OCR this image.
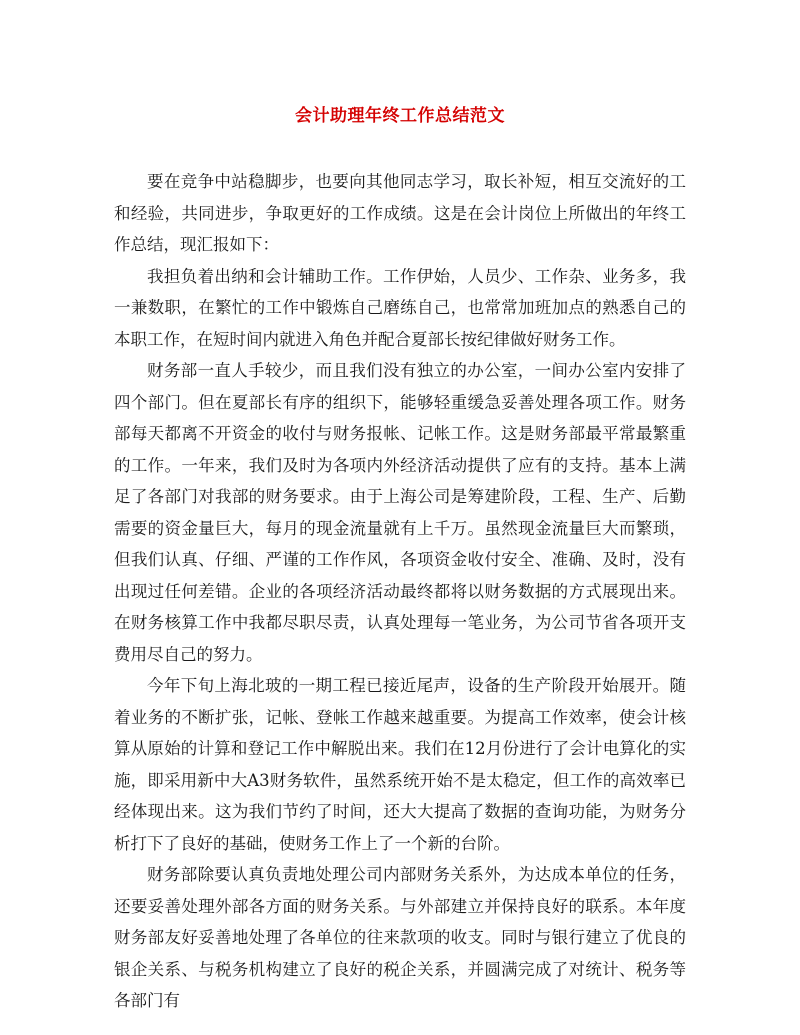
会计助理年终工作总结范文

要在竞争中站稳脚步，也要向其他同志学习，取长补短，相互交流好的工和经验，共同进步，争取更好的工作成绩。这是在会计岗位上所做出的年终工作总结，现汇报如下：

我担负着出纳和会计辅助工作。工作伊始，人员少、工作杂、业务多，我一兼数职，在繁忙的工作中锻炼自己磨练自己，也常常加班加点的熟悉自己的本职工作，在短时间内就进入角色并配合夏部长按纪律做好财务工作。

财务部一直人手较少，而且我们没有独立的办公室，一间办公室内安排了四个部门。但在夏部长有序的组织下，能够轻重缓急妥善处理各项工作。财务部每天都离不开资金的收付与财务报帐、记帐工作。这是财务部最平常最繁重的工作。一年来，我们及时为各项内外经济活动提供了应有的支持。基本上满足了各部门对我部的财务要求。由于上海公司是筹建阶段，工程、生产、后勤需要的资金量巨大，每月的现金流量就有上千万。虽然现金流量巨大而繁琐，但我们认真、仔细、严谨的工作作风，各项资金收付安全、准确、及时，没有出现过任何差错。企业的各项经济活动最终都将以财务数据的方式展现出来。在财务核算工作中我都尽职尽责，认真处理每一笔业务，为公司节省各项开支费用尽自己的努力。

今年下旬上海北玻的一期工程已接近尾声，设备的生产阶段开始展开。随着业务的不断扩张，记帐、登帐工作越来越重要。为提高工作效率，使会计核算从原始的计算和登记工作中解脱出来。我们在12月份进行了会计电算化的实施，即采用新中大A3财务软件，虽然系统开始不是太稳定，但工作的高效率已经体现出来。这为我们节约了时间，还大大提高了数据的查询功能，为财务分析打下了良好的基础，使财务工作上了一个新的台阶。

财务部除要认真负责地处理公司内部财务关系外，为达成本单位的任务，还要妥善处理外部各方面的财务关系。与外部建立并保持良好的联系。本年度财务部友好妥善地处理了各单位的往来款项的收支。同时与银行建立了优良的银企关系、与税务机构建立了良好的税企关系，并圆满完成了对统计、税务等各部门有
